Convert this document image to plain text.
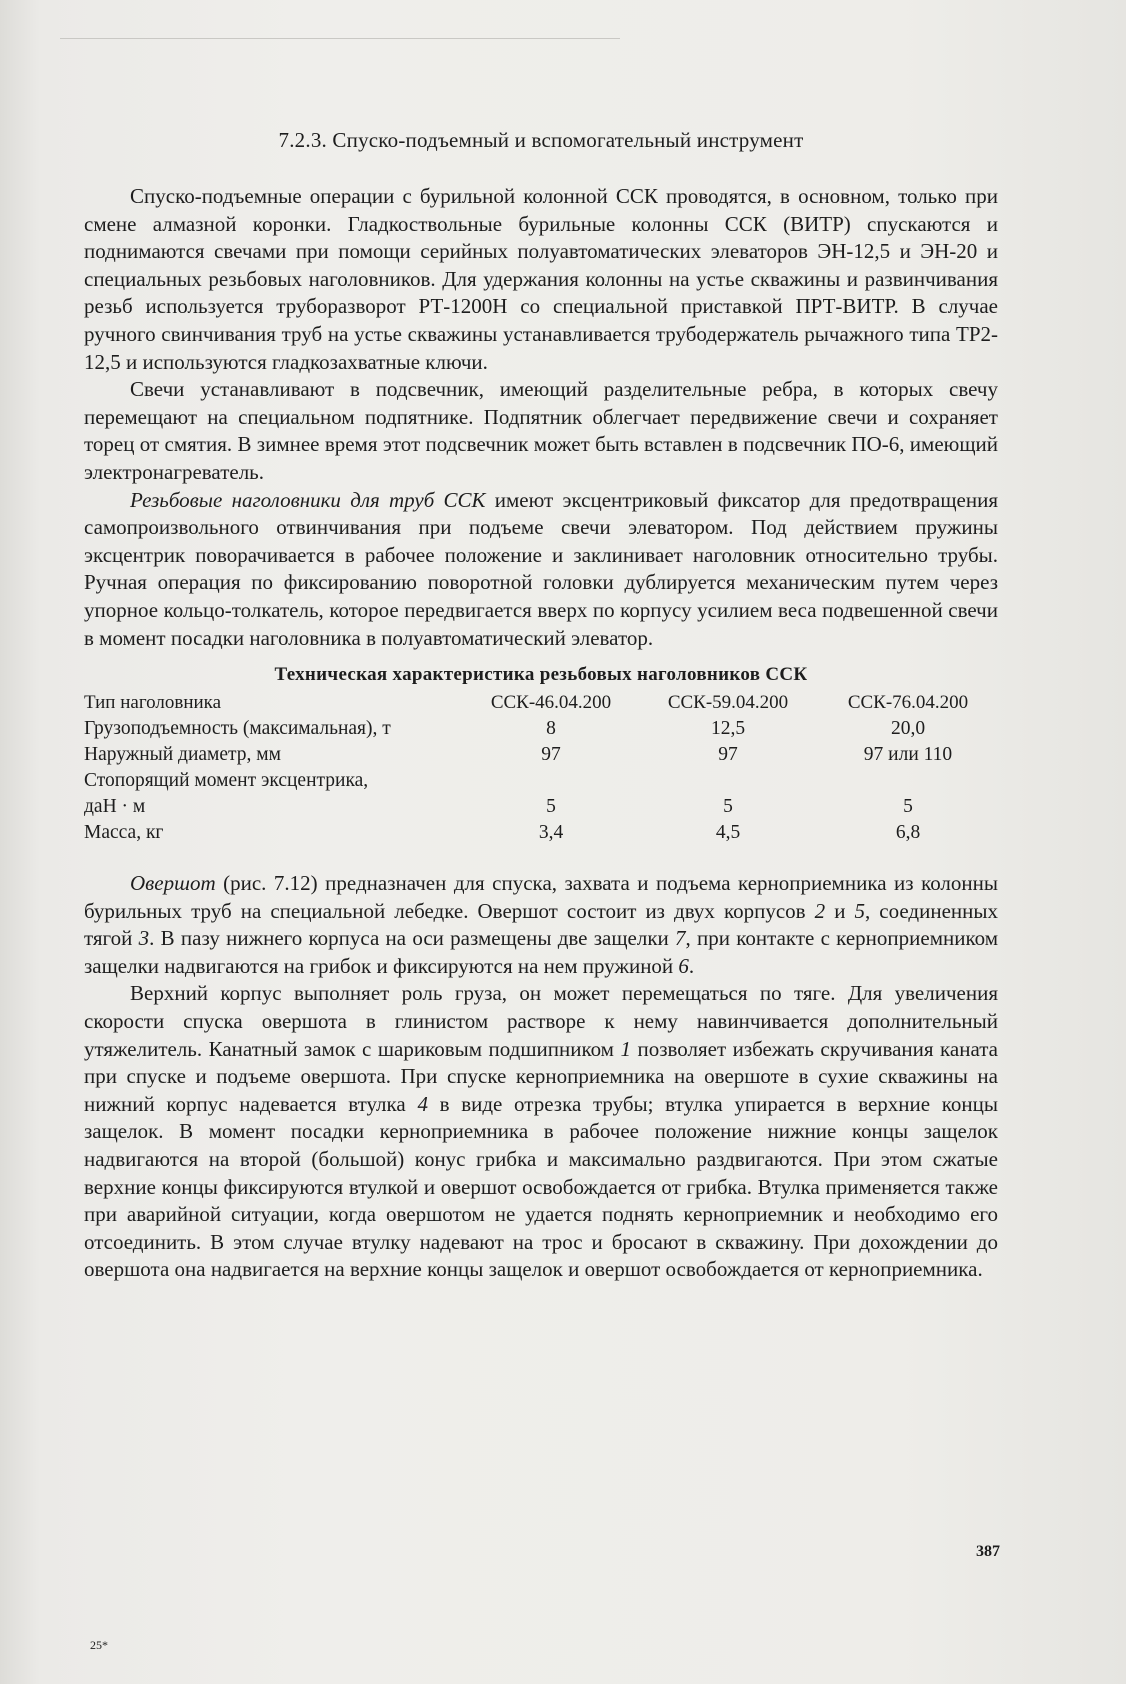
7.2.3. Спуско-подъемный и вспомогательный инструмент

Спуско-подъемные операции с бурильной колонной ССК проводятся, в основном, только при смене алмазной коронки. Гладкоствольные бурильные колонны ССК (ВИТР) спускаются и поднимаются свечами при помощи серийных полуавтоматических элеваторов ЭН-12,5 и ЭН-20 и специальных резьбовых наголовников. Для удержания колонны на устье скважины и развинчивания резьб используется труборазворот РТ-1200Н со специальной приставкой ПРТ-ВИТР. В случае ручного свинчивания труб на устье скважины устанавливается трубодержатель рычажного типа ТР2-12,5 и используются гладкозахватные ключи.

Свечи устанавливают в подсвечник, имеющий разделительные ребра, в которых свечу перемещают на специальном подпятнике. Подпятник облегчает передвижение свечи и сохраняет торец от смятия. В зимнее время этот подсвечник может быть вставлен в подсвечник ПО-6, имеющий электронагреватель.

Резьбовые наголовники для труб ССК имеют эксцентриковый фиксатор для предотвращения самопроизвольного отвинчивания при подъеме свечи элеватором. Под действием пружины эксцентрик поворачивается в рабочее положение и заклинивает наголовник относительно трубы. Ручная операция по фиксированию поворотной головки дублируется механическим путем через упорное кольцо-толкатель, которое передвигается вверх по корпусу усилием веса подвешенной свечи в момент посадки наголовника в полуавтоматический элеватор.

Техническая характеристика резьбовых наголовников ССК
Тип наголовника	ССК-46.04.200	ССК-59.04.200	ССК-76.04.200
Грузоподъемность (максимальная), т	8	12,5	20,0
Наружный диаметр, мм	97	97	97 или 110
Стопорящий момент эксцентрика,			
даН · м	5	5	5
Масса, кг	3,4	4,5	6,8

Овершот (рис. 7.12) предназначен для спуска, захвата и подъема керноприемника из колонны бурильных труб на специальной лебедке. Овершот состоит из двух корпусов 2 и 5, соединенных тягой 3. В пазу нижнего корпуса на оси размещены две защелки 7, при контакте с керноприемником защелки надвигаются на грибок и фиксируются на нем пружиной 6.

Верхний корпус выполняет роль груза, он может перемещаться по тяге. Для увеличения скорости спуска овершота в глинистом растворе к нему навинчивается дополнительный утяжелитель. Канатный замок с шариковым подшипником 1 позволяет избежать скручивания каната при спуске и подъеме овершота. При спуске керноприемника на овершоте в сухие скважины на нижний корпус надевается втулка 4 в виде отрезка трубы; втулка упирается в верхние концы защелок. В момент посадки керноприемника в рабочее положение нижние концы защелок надвигаются на второй (большой) конус грибка и максимально раздвигаются. При этом сжатые верхние концы фиксируются втулкой и овершот освобождается от грибка. Втулка применяется также при аварийной ситуации, когда овершотом не удается поднять керноприемник и необходимо его отсоединить. В этом случае втулку надевают на трос и бросают в скважину. При дохождении до овершота она надвигается на верхние концы защелок и овершот освобождается от керноприемника.

387
25*
